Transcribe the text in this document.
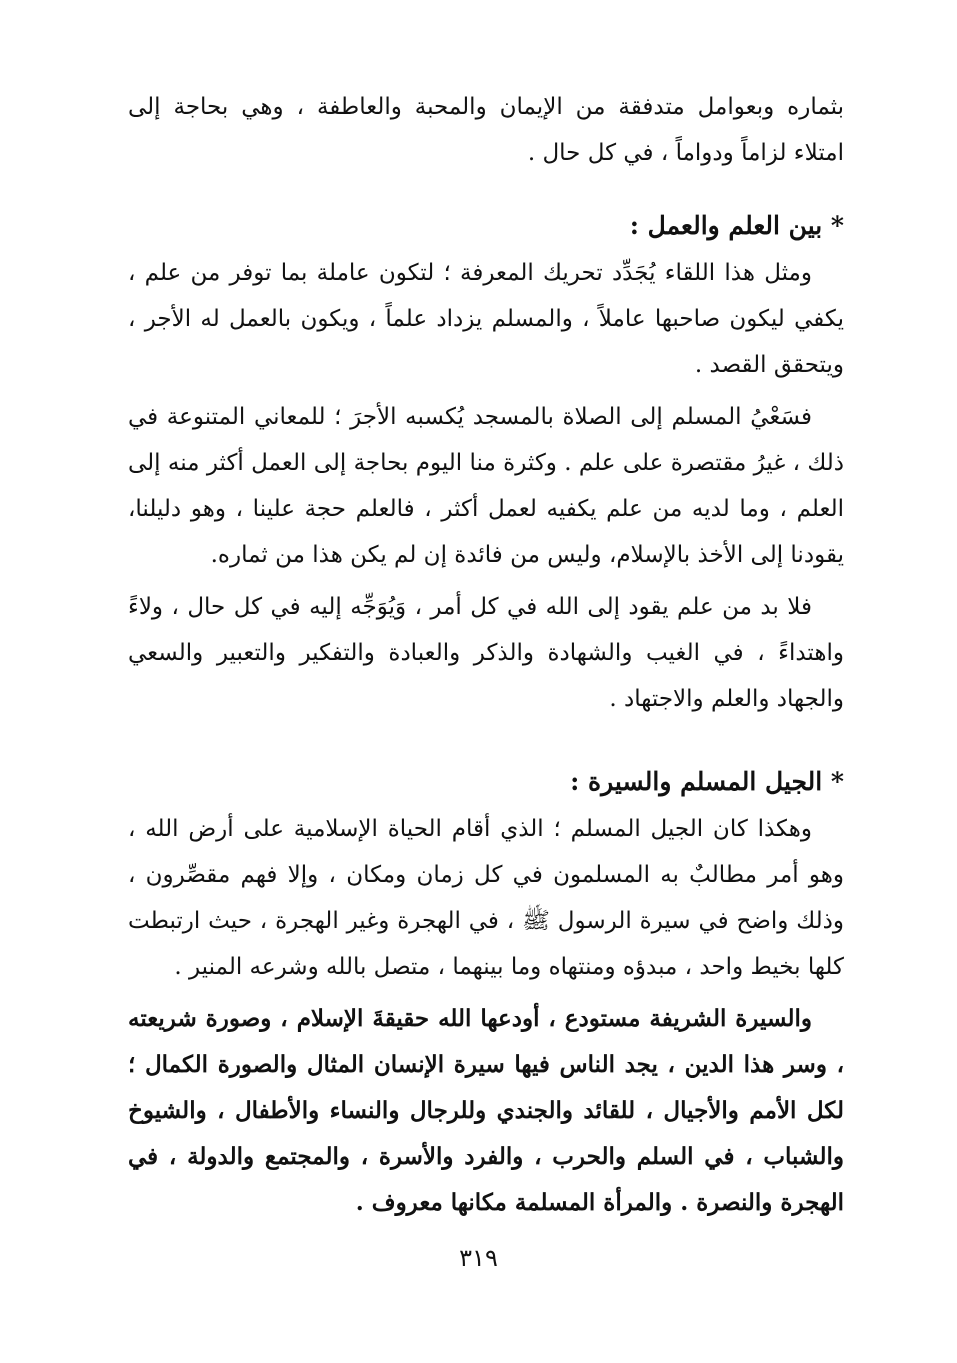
بثماره وبعوامل متدفقة من الإيمان والمحبة والعاطفة ، وهي بحاجة إلى امتلاء لزاماً ودواماً ، في كل حال .

* بين العلم والعمل :

ومثل هذا اللقاء يُجَدِّد تحريك المعرفة ؛ لتكون عاملة بما توفر من علم ، يكفي ليكون صاحبها عاملاً ، والمسلم يزداد علماً ، ويكون بالعمل له الأجر ، ويتحقق القصد .

فسَعْيُ المسلم إلى الصلاة بالمسجد يُكسبه الأجرَ ؛ للمعاني المتنوعة في ذلك ، غيرُ مقتصرة على علم . وكثرة منا اليوم بحاجة إلى العمل أكثر منه إلى العلم ، وما لديه من علم يكفيه لعمل أكثر ، فالعلم حجة علينا ، وهو دليلنا، يقودنا إلى الأخذ بالإسلام، وليس من فائدة إن لم يكن هذا من ثماره.

فلا بد من علم يقود إلى الله في كل أمر ، وَيُوَجِّه إليه في كل حال ، ولاءً واهتداءً ، في الغيب والشهادة والذكر والعبادة والتفكير والتعبير والسعي والجهاد والعلم والاجتهاد .

* الجيل المسلم والسيرة :

وهكذا كان الجيل المسلم ؛ الذي أقام الحياة الإسلامية على أرض الله ، وهو أمر مطالبٌ به المسلمون في كل زمان ومكان ، وإلا فهم مقصِّرون ، وذلك واضح في سيرة الرسول ﷺ ، في الهجرة وغير الهجرة ، حيث ارتبطت كلها بخيط واحد ، مبدؤه ومنتهاه وما بينهما ، متصل بالله وشرعه المنير .

والسيرة الشريفة مستودع ، أودعها الله حقيقةَ الإسلام ، وصورة شريعته ، وسر هذا الدين ، يجد الناس فيها سيرة الإنسان المثال والصورة الكمال ؛ لكل الأمم والأجيال ، للقائد والجندي وللرجال والنساء والأطفال ، والشيوخ والشباب ، في السلم والحرب ، والفرد والأسرة ، والمجتمع والدولة ، في الهجرة والنصرة . والمرأة المسلمة مكانها معروف .

٣١٩
